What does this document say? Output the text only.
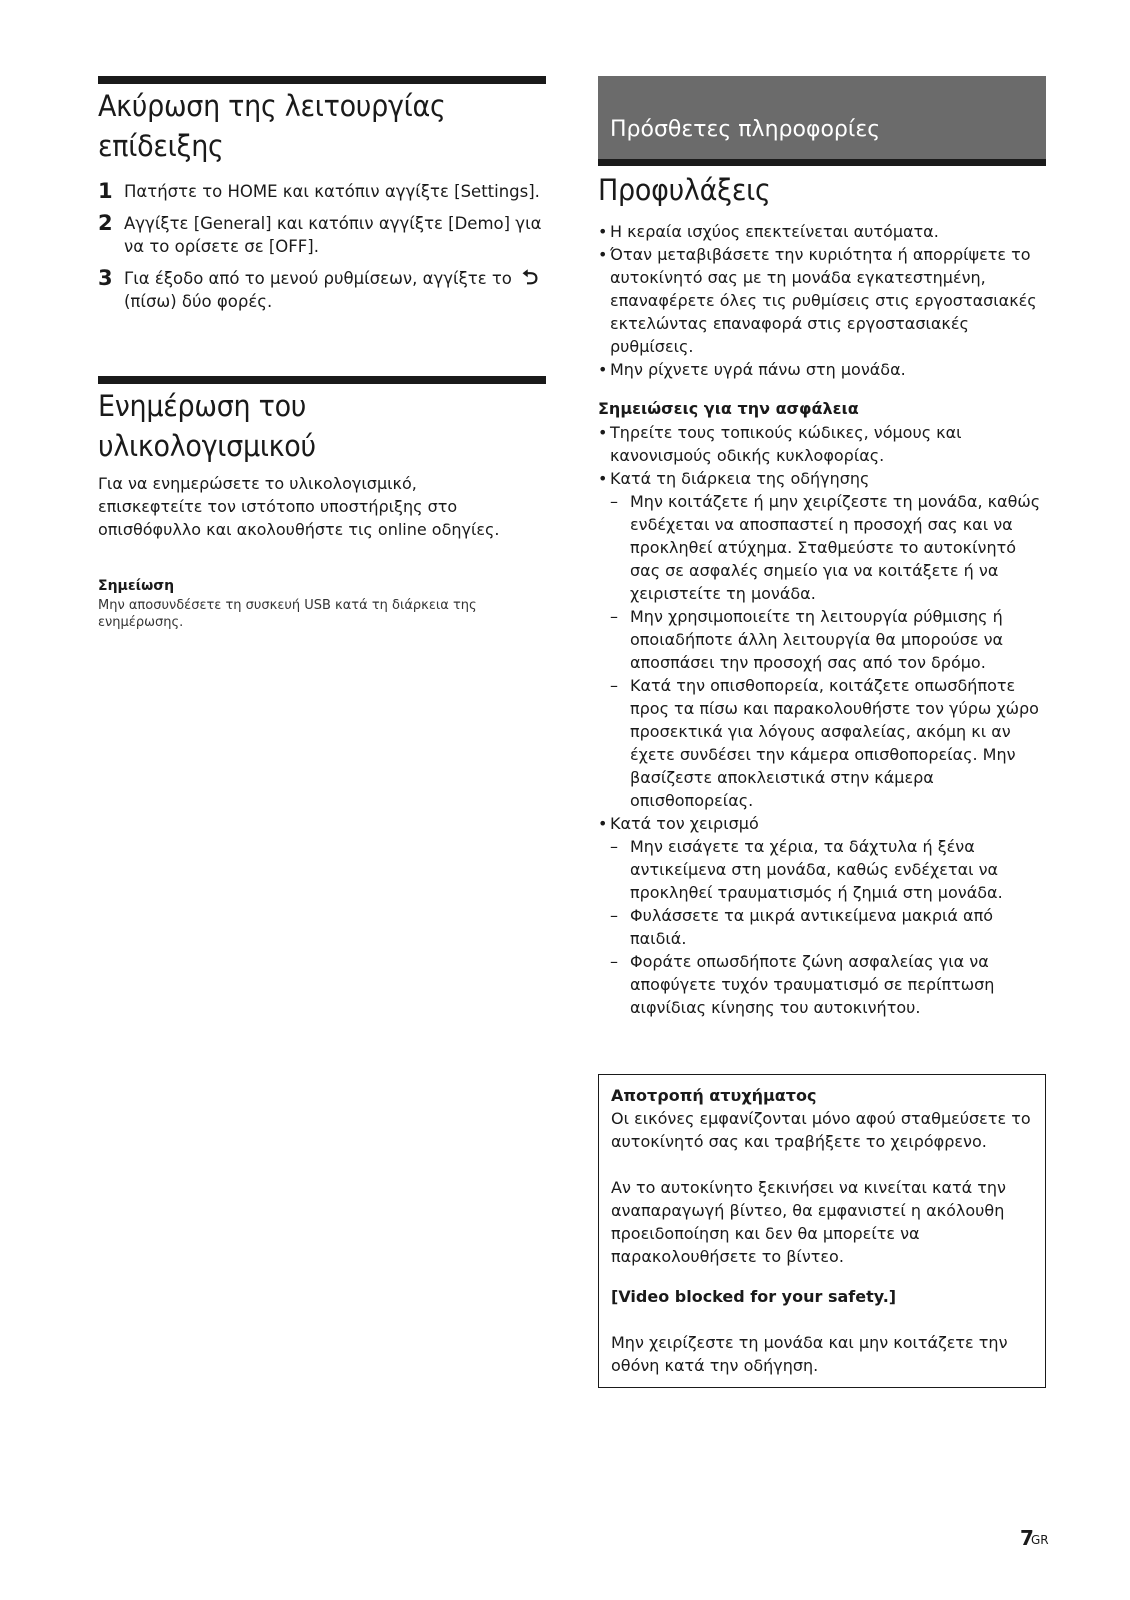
Ακύρωση της λειτουργίας
επίδειξης
1 Πατήστε το HOME και κατόπιν αγγίξτε [Settings].
2 Αγγίξτε [General] και κατόπιν αγγίξτε [Demo] για να το ορίσετε σε [OFF].
3 Για έξοδο από το μενού ρυθμίσεων, αγγίξτε το ⮌ (πίσω) δύο φορές.
Ενημέρωση του
υλικολογισμικού

Για να ενημερώσετε το υλικολογισμικό, επισκεφτείτε τον ιστότοπο υποστήριξης στο οπισθόφυλλο και ακολουθήστε τις online οδηγίες.

Σημείωση

Μην αποσυνδέσετε τη συσκευή USB κατά τη διάρκεια της ενημέρωσης.

Πρόσθετες πληροφορίες
Προφυλάξεις
• Η κεραία ισχύος επεκτείνεται αυτόματα.
• Όταν μεταβιβάσετε την κυριότητα ή απορρίψετε το αυτοκίνητό σας με τη μονάδα εγκατεστημένη, επαναφέρετε όλες τις ρυθμίσεις στις εργοστασιακές εκτελώντας επαναφορά στις εργοστασιακές ρυθμίσεις.
• Μην ρίχνετε υγρά πάνω στη μονάδα.

Σημειώσεις για την ασφάλεια

• Τηρείτε τους τοπικούς κώδικες, νόμους και κανονισμούς οδικής κυκλοφορίας.
• Κατά τη διάρκεια της οδήγησης
– Μην κοιτάζετε ή μην χειρίζεστε τη μονάδα, καθώς ενδέχεται να αποσπαστεί η προσοχή σας και να προκληθεί ατύχημα. Σταθμεύστε το αυτοκίνητό σας σε ασφαλές σημείο για να κοιτάξετε ή να χειριστείτε τη μονάδα.
– Μην χρησιμοποιείτε τη λειτουργία ρύθμισης ή οποιαδήποτε άλλη λειτουργία θα μπορούσε να αποσπάσει την προσοχή σας από τον δρόμο.
– Κατά την οπισθοπορεία, κοιτάζετε οπωσδήποτε προς τα πίσω και παρακολουθήστε τον γύρω χώρο προσεκτικά για λόγους ασφαλείας, ακόμη κι αν έχετε συνδέσει την κάμερα οπισθοπορείας. Μην βασίζεστε αποκλειστικά στην κάμερα οπισθοπορείας.
• Κατά τον χειρισμό
– Μην εισάγετε τα χέρια, τα δάχτυλα ή ξένα αντικείμενα στη μονάδα, καθώς ενδέχεται να προκληθεί τραυματισμός ή ζημιά στη μονάδα.
– Φυλάσσετε τα μικρά αντικείμενα μακριά από παιδιά.
– Φοράτε οπωσδήποτε ζώνη ασφαλείας για να αποφύγετε τυχόν τραυματισμό σε περίπτωση αιφνίδιας κίνησης του αυτοκινήτου.

Αποτροπή ατυχήματος

Οι εικόνες εμφανίζονται μόνο αφού σταθμεύσετε το αυτοκίνητό σας και τραβήξετε το χειρόφρενο.

Αν το αυτοκίνητο ξεκινήσει να κινείται κατά την αναπαραγωγή βίντεο, θα εμφανιστεί η ακόλουθη προειδοποίηση και δεν θα μπορείτε να παρακολουθήσετε το βίντεο.

[Video blocked for your safety.]

Μην χειρίζεστε τη μονάδα και μην κοιτάζετε την οθόνη κατά την οδήγηση.

7
GR
